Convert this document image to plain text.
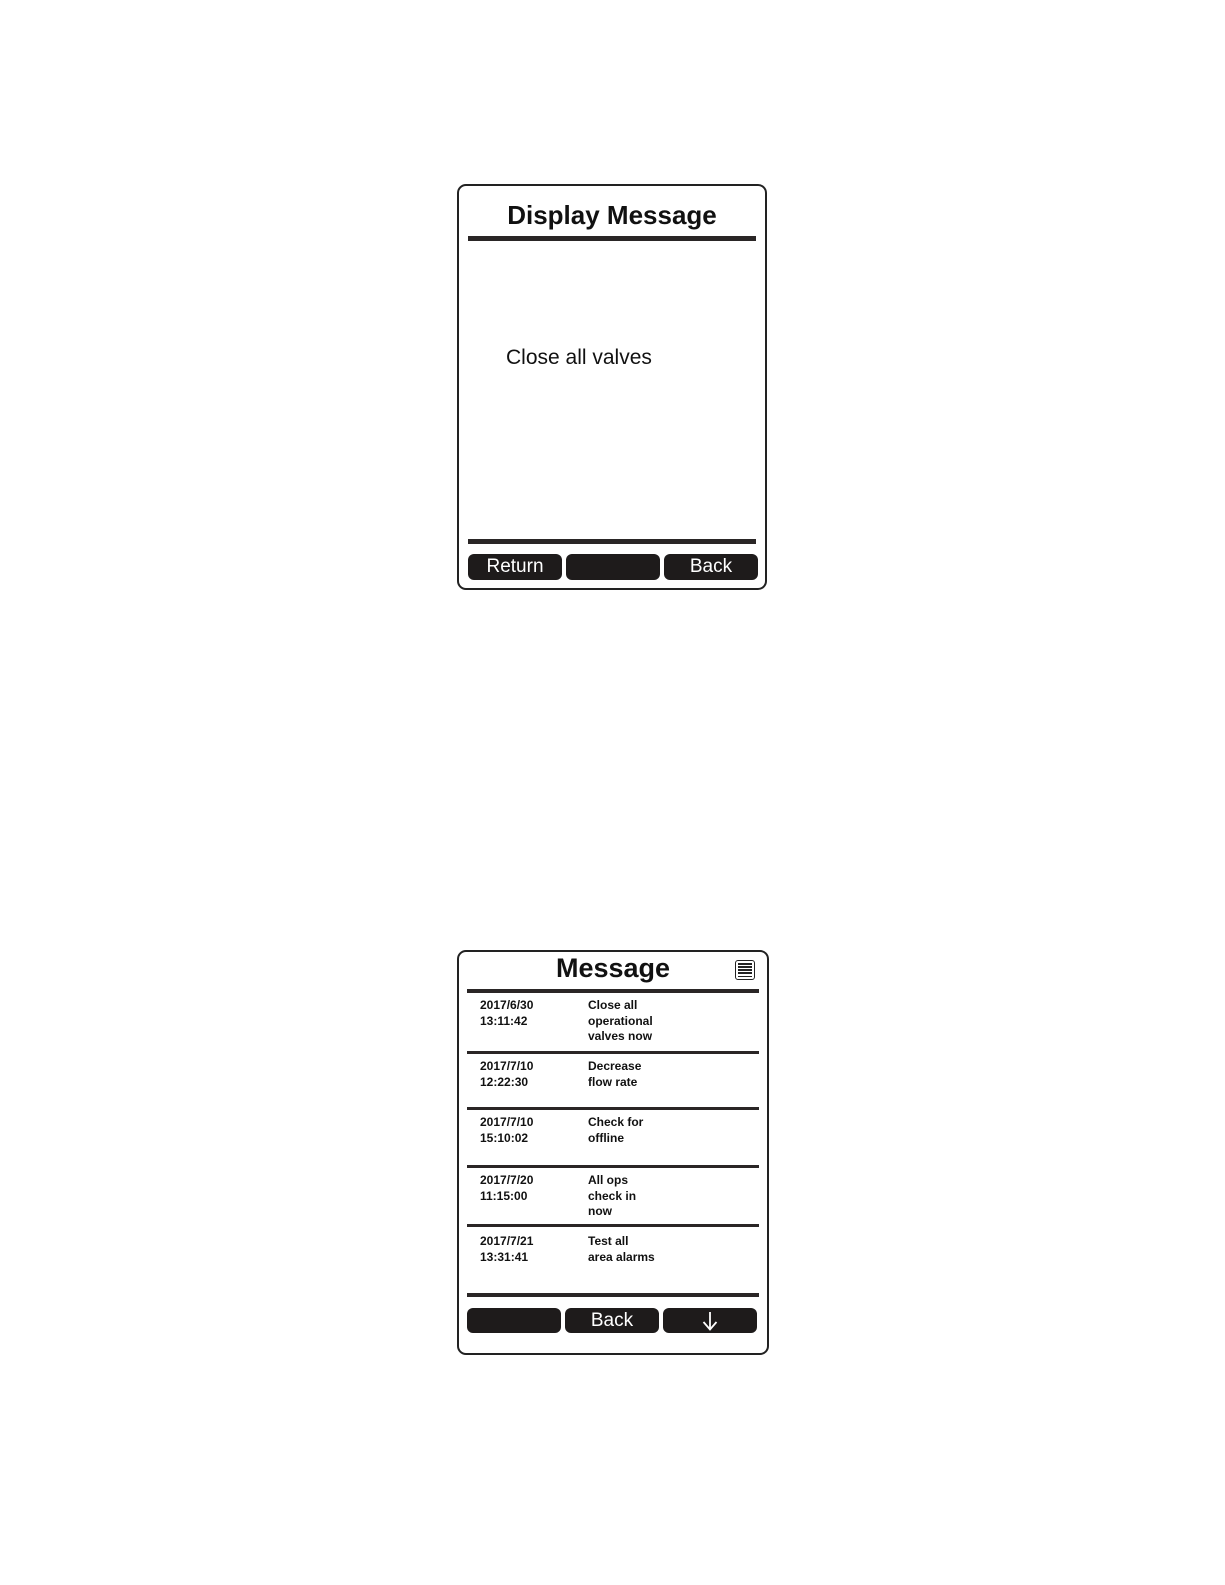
Display Message
Close all valves
Return	Back
Message
2017/6/30
13:11:42
Close all
operational
valves now
2017/7/10
12:22:30
Decrease
flow rate
2017/7/10
15:10:02
Check for
offline
2017/7/20
11:15:00
All ops
check in
now
2017/7/21
13:31:41
Test all
area alarms
Back
